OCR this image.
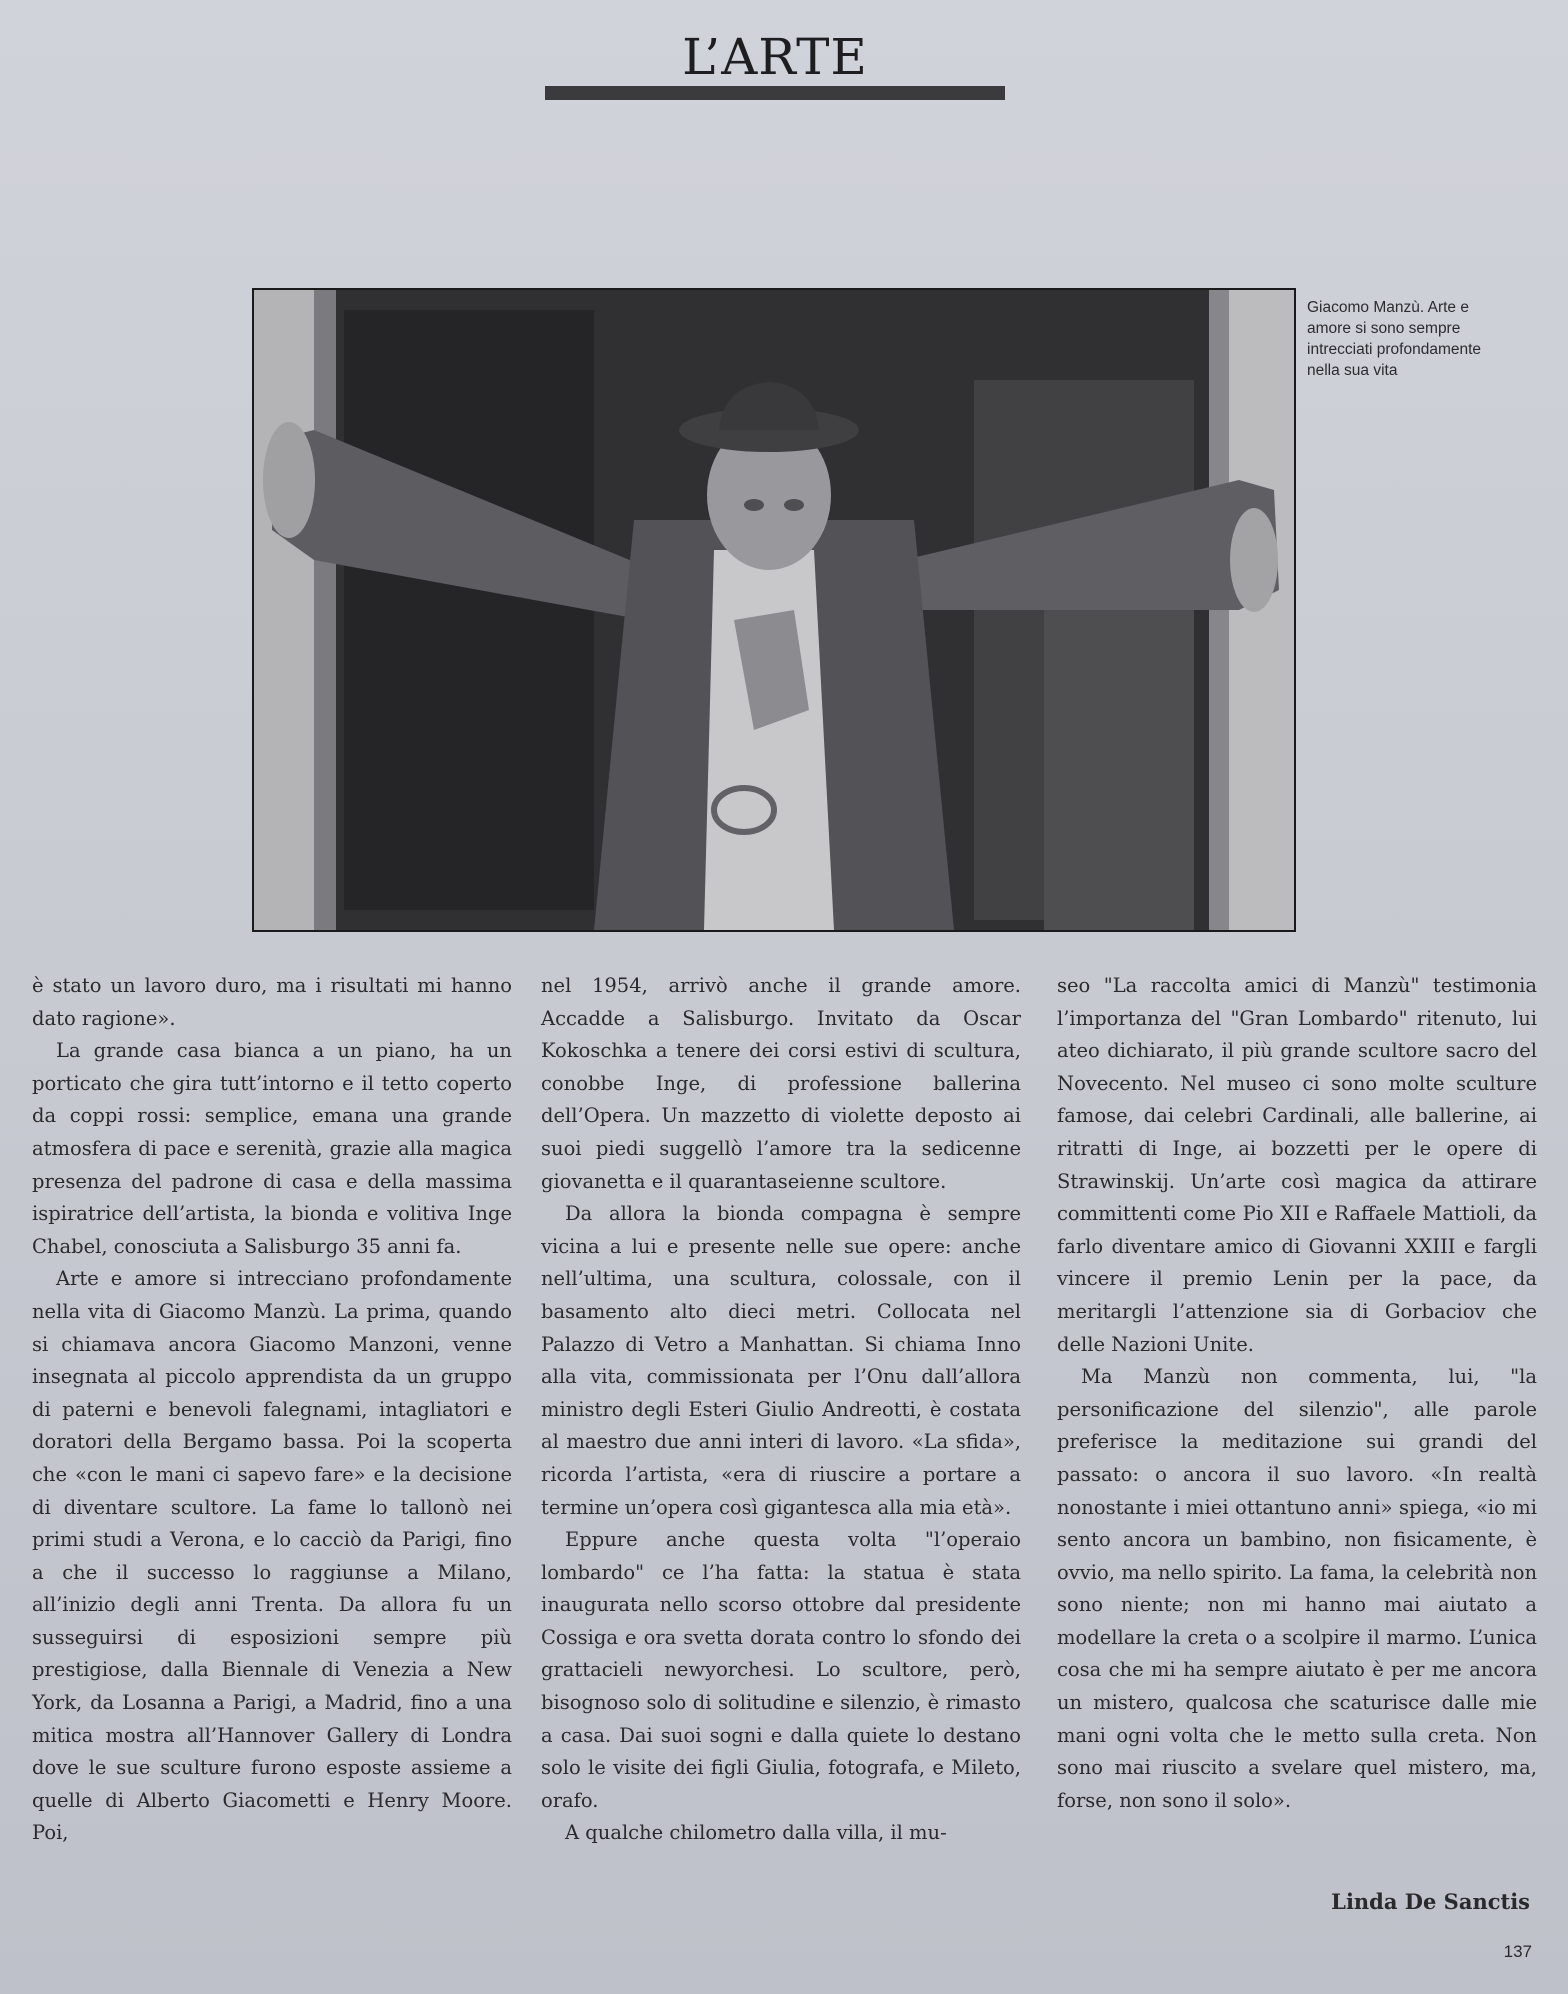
L’ARTE
Giacomo Manzù. Arte e amore si sono sempre intrecciati profondamente nella sua vita

è stato un lavoro duro, ma i risultati mi hanno dato ragione».

La grande casa bianca a un piano, ha un porticato che gira tutt’intorno e il tetto coperto da coppi rossi: semplice, emana una grande atmosfera di pace e serenità, grazie alla magica presenza del padrone di casa e della massima ispiratrice dell’artista, la bionda e volitiva Inge Chabel, conosciuta a Salisburgo 35 anni fa.

Arte e amore si intrecciano profondamente nella vita di Giacomo Manzù. La prima, quando si chiamava ancora Giacomo Manzoni, venne insegnata al piccolo apprendista da un gruppo di paterni e benevoli falegnami, intagliatori e doratori della Bergamo bassa. Poi la scoperta che «con le mani ci sapevo fare» e la decisione di diventare scultore. La fame lo tallonò nei primi studi a Verona, e lo cacciò da Parigi, fino a che il successo lo raggiunse a Milano, all’inizio degli anni Trenta. Da allora fu un susseguirsi di esposizioni sempre più prestigiose, dalla Biennale di Venezia a New York, da Losanna a Parigi, a Madrid, fino a una mitica mostra all’Hannover Gallery di Londra dove le sue sculture furono esposte assieme a quelle di Alberto Giacometti e Henry Moore. Poi,

nel 1954, arrivò anche il grande amore. Accadde a Salisburgo. Invitato da Oscar Kokoschka a tenere dei corsi estivi di scultura, conobbe Inge, di professione ballerina dell’Opera. Un mazzetto di violette deposto ai suoi piedi suggellò l’amore tra la sedicenne giovanetta e il quarantaseienne scultore.

Da allora la bionda compagna è sempre vicina a lui e presente nelle sue opere: anche nell’ultima, una scultura, colossale, con il basamento alto dieci metri. Collocata nel Palazzo di Vetro a Manhattan. Si chiama Inno alla vita, commissionata per l’Onu dall’allora ministro degli Esteri Giulio Andreotti, è costata al maestro due anni interi di lavoro. «La sfida», ricorda l’artista, «era di riuscire a portare a termine un’opera così gigantesca alla mia età».

Eppure anche questa volta "l’operaio lombardo" ce l’ha fatta: la statua è stata inaugurata nello scorso ottobre dal presidente Cossiga e ora svetta dorata contro lo sfondo dei grattacieli newyorchesi. Lo scultore, però, bisognoso solo di solitudine e silenzio, è rimasto a casa. Dai suoi sogni e dalla quiete lo destano solo le visite dei figli Giulia, fotografa, e Mileto, orafo.

A qualche chilometro dalla villa, il mu-

seo "La raccolta amici di Manzù" testimonia l’importanza del "Gran Lombardo" ritenuto, lui ateo dichiarato, il più grande scultore sacro del Novecento. Nel museo ci sono molte sculture famose, dai celebri Cardinali, alle ballerine, ai ritratti di Inge, ai bozzetti per le opere di Strawinskij. Un’arte così magica da attirare committenti come Pio XII e Raffaele Mattioli, da farlo diventare amico di Giovanni XXIII e fargli vincere il premio Lenin per la pace, da meritargli l’attenzione sia di Gorbaciov che delle Nazioni Unite.

Ma Manzù non commenta, lui, "la personificazione del silenzio", alle parole preferisce la meditazione sui grandi del passato: o ancora il suo lavoro. «In realtà nonostante i miei ottantuno anni» spiega, «io mi sento ancora un bambino, non fisicamente, è ovvio, ma nello spirito. La fama, la celebrità non sono niente; non mi hanno mai aiutato a modellare la creta o a scolpire il marmo. L’unica cosa che mi ha sempre aiutato è per me ancora un mistero, qualcosa che scaturisce dalle mie mani ogni volta che le metto sulla creta. Non sono mai riuscito a svelare quel mistero, ma, forse, non sono il solo».

Linda De Sanctis
137
